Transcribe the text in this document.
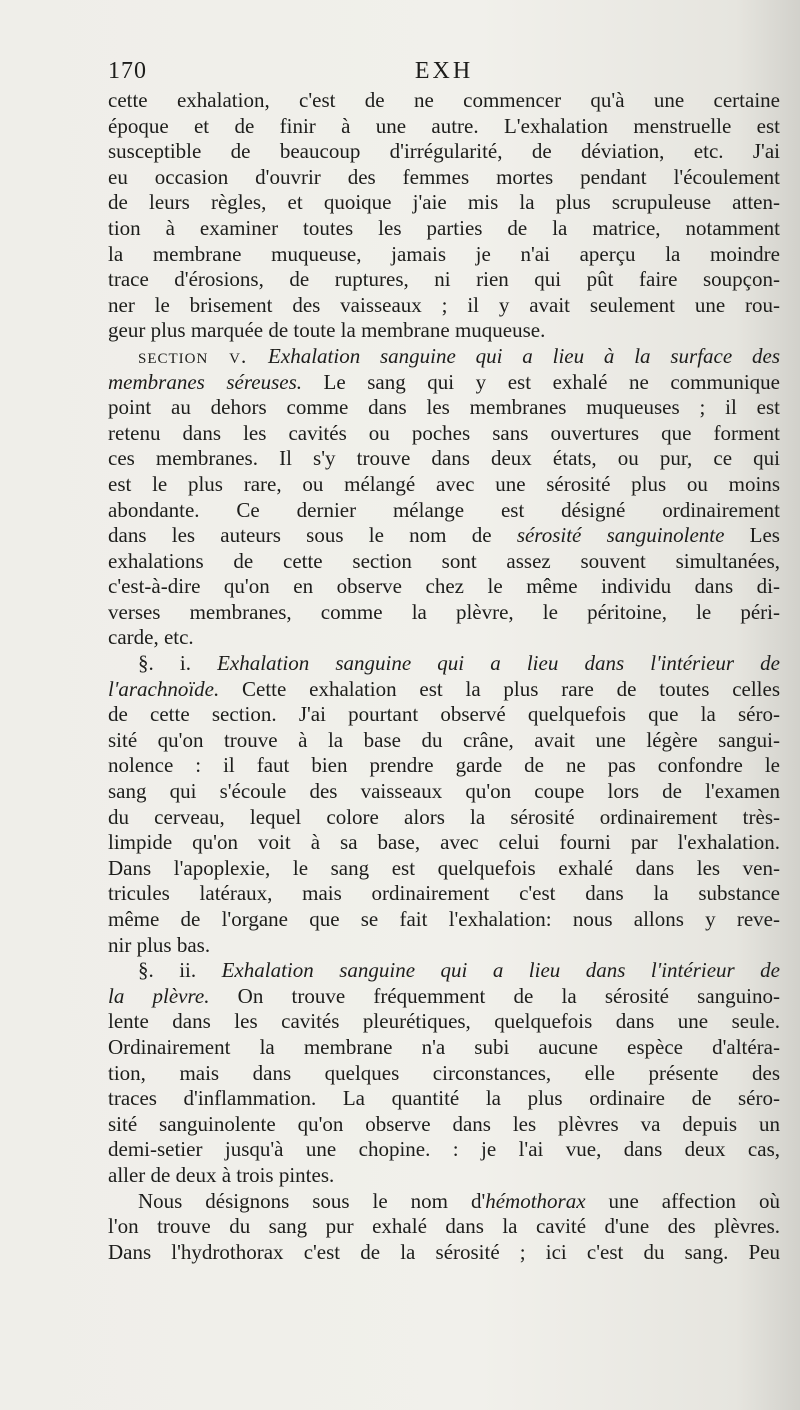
170	EXH
cette exhalation, c'est de ne commencer qu'à une certaine
époque et de finir à une autre. L'exhalation menstruelle est
susceptible de beaucoup d'irrégularité, de déviation, etc. J'ai
eu occasion d'ouvrir des femmes mortes pendant l'écoulement
de leurs règles, et quoique j'aie mis la plus scrupuleuse atten-
tion à examiner toutes les parties de la matrice, notamment
la membrane muqueuse, jamais je n'ai aperçu la moindre
trace d'érosions, de ruptures, ni rien qui pût faire soupçon-
ner le brisement des vaisseaux ; il y avait seulement une rou-
geur plus marquée de toute la membrane muqueuse.
section v. Exhalation sanguine qui a lieu à la surface des
membranes séreuses. Le sang qui y est exhalé ne communique
point au dehors comme dans les membranes muqueuses ; il est
retenu dans les cavités ou poches sans ouvertures que forment
ces membranes. Il s'y trouve dans deux états, ou pur, ce qui
est le plus rare, ou mélangé avec une sérosité plus ou moins
abondante. Ce dernier mélange est désigné ordinairement
dans les auteurs sous le nom de sérosité sanguinolente Les
exhalations de cette section sont assez souvent simultanées,
c'est-à-dire qu'on en observe chez le même individu dans di-
verses membranes, comme la plèvre, le péritoine, le péri-
carde, etc.
§. i. Exhalation sanguine qui a lieu dans l'intérieur de
l'arachnoïde. Cette exhalation est la plus rare de toutes celles
de cette section. J'ai pourtant observé quelquefois que la séro-
sité qu'on trouve à la base du crâne, avait une légère sangui-
nolence : il faut bien prendre garde de ne pas confondre le
sang qui s'écoule des vaisseaux qu'on coupe lors de l'examen
du cerveau, lequel colore alors la sérosité ordinairement très-
limpide qu'on voit à sa base, avec celui fourni par l'exhalation.
Dans l'apoplexie, le sang est quelquefois exhalé dans les ven-
tricules latéraux, mais ordinairement c'est dans la substance
même de l'organe que se fait l'exhalation: nous allons y reve-
nir plus bas.
§. ii. Exhalation sanguine qui a lieu dans l'intérieur de
la plèvre. On trouve fréquemment de la sérosité sanguino-
lente dans les cavités pleurétiques, quelquefois dans une seule.
Ordinairement la membrane n'a subi aucune espèce d'altéra-
tion, mais dans quelques circonstances, elle présente des
traces d'inflammation. La quantité la plus ordinaire de séro-
sité sanguinolente qu'on observe dans les plèvres va depuis un
demi-setier jusqu'à une chopine. : je l'ai vue, dans deux cas,
aller de deux à trois pintes.
Nous désignons sous le nom d'hémothorax une affection où
l'on trouve du sang pur exhalé dans la cavité d'une des plèvres.
Dans l'hydrothorax c'est de la sérosité ; ici c'est du sang. Peu
